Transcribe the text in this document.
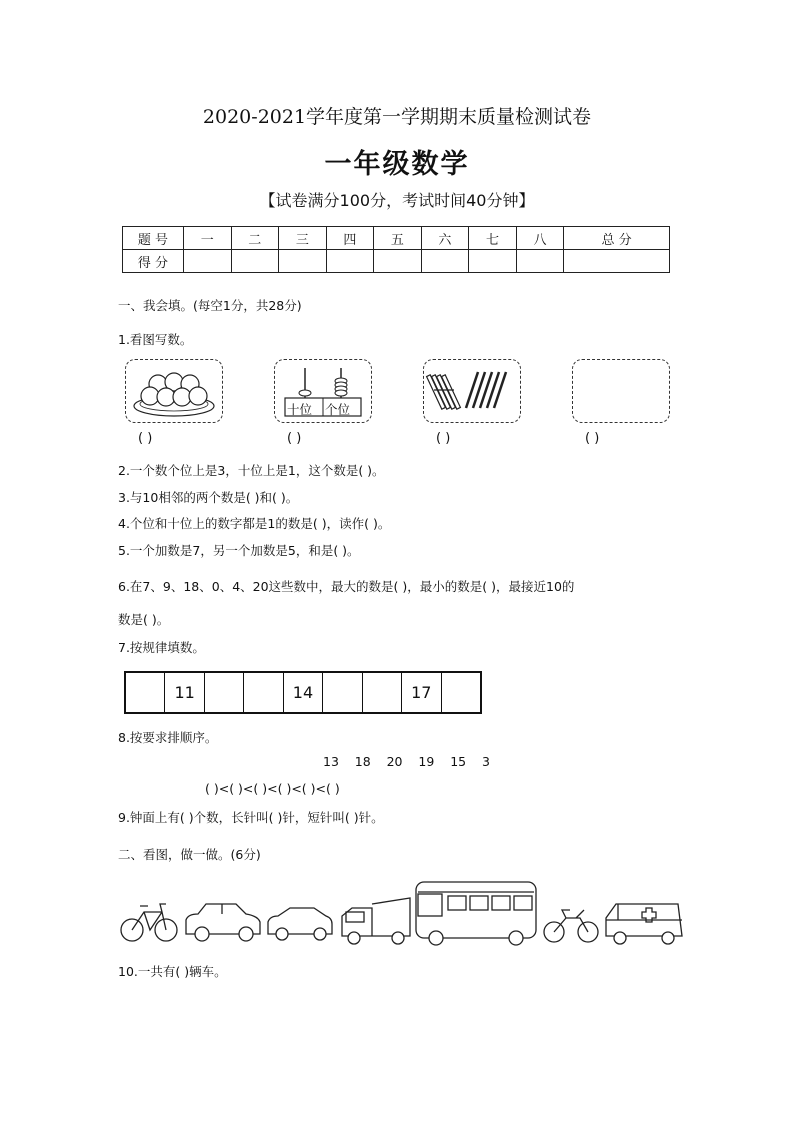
2020-2021学年度第一学期期末质量检测试卷
一年级数学
【试卷满分100分，考试时间40分钟】
题 号	一	二	三	四	五	六	七	八	总 分
得 分									
一、我会填。(每空1分，共28分)
1.看图写数。
十位 个位
( )	( )	( )	( )
2.一个数个位上是3，十位上是1，这个数是( )。
3.与10相邻的两个数是( )和( )。
4.个位和十位上的数字都是1的数是( )，读作( )。
5.一个加数是7，另一个加数是5，和是( )。
6.在7、9、18、0、4、20这些数中，最大的数是( )，最小的数是( )，最接近10的
数是( )。
7.按规律填数。
11	14	17
8.按要求排顺序。
13    18    20    19    15    3
( )<( )<( )<( )<( )<( )
9.钟面上有( )个数，长针叫( )针，短针叫( )针。
二、看图，做一做。(6分)
10.一共有( )辆车。
